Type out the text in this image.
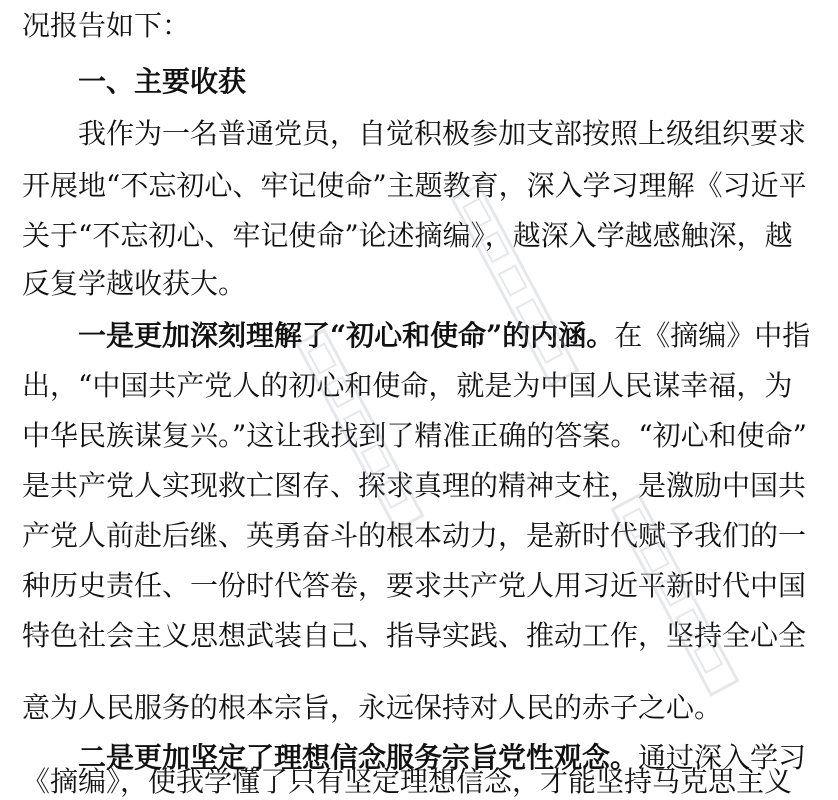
况报告如下：
一、主要收获
我作为一名普通党员，自觉积极参加支部按照上级组织要求
开展地“不忘初心、牢记使命”主题教育，深入学习理解《习近平
关于“不忘初心、牢记使命”论述摘编》，越深入学越感触深，越
反复学越收获大。
一是更加深刻理解了“初心和使命”的内涵。 在《摘编》中指
出，“中国共产党人的初心和使命，就是为中国人民谋幸福，为
中华民族谋复兴。”这让我找到了精准正确的答案。“初心和使命”
是共产党人实现救亡图存、探求真理的精神支柱，是激励中国共
产党人前赴后继、英勇奋斗的根本动力，是新时代赋予我们的一
种历史责任、一份时代答卷，要求共产党人用习近平新时代中国
特色社会主义思想武装自己、指导实践、推动工作，坚持全心全
意为人民服务的根本宗旨，永远保持对人民的赤子之心。
二是更加坚定了理想信念服务宗旨党性观念。 通过深入学习
《摘编》，使我学懂了只有坚定理想信念，才能坚持马克思主义
